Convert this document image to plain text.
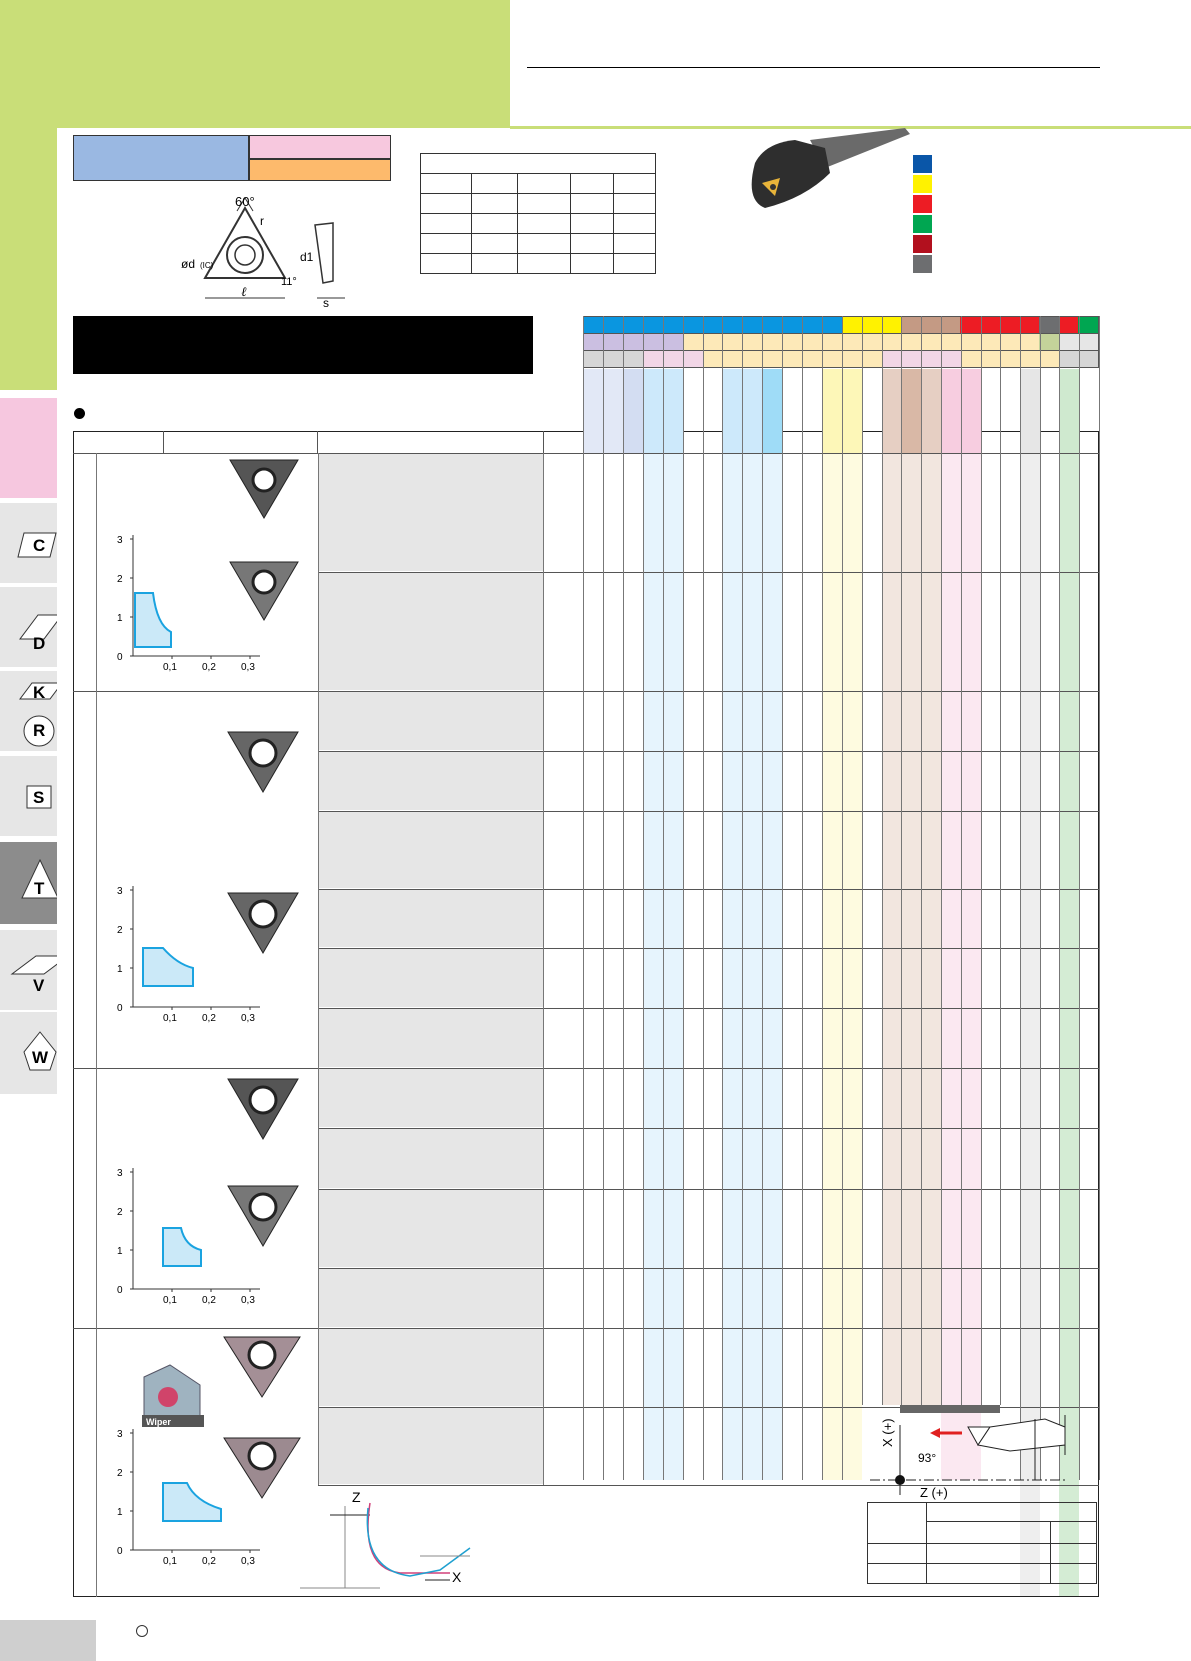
C
D
K
R
S
T
V
W
60°
r
ød (IC)
ℓ
d1
11°
s

Wiper
0
1
2
3
0,1	0,2	0,3
0
1
2
3
0,1	0,2	0,3
0
1
2
3
0,1	0,2	0,3
0
1
2
3
0,1	0,2	0,3
93°
X (+)
Z (+)
Z
X
